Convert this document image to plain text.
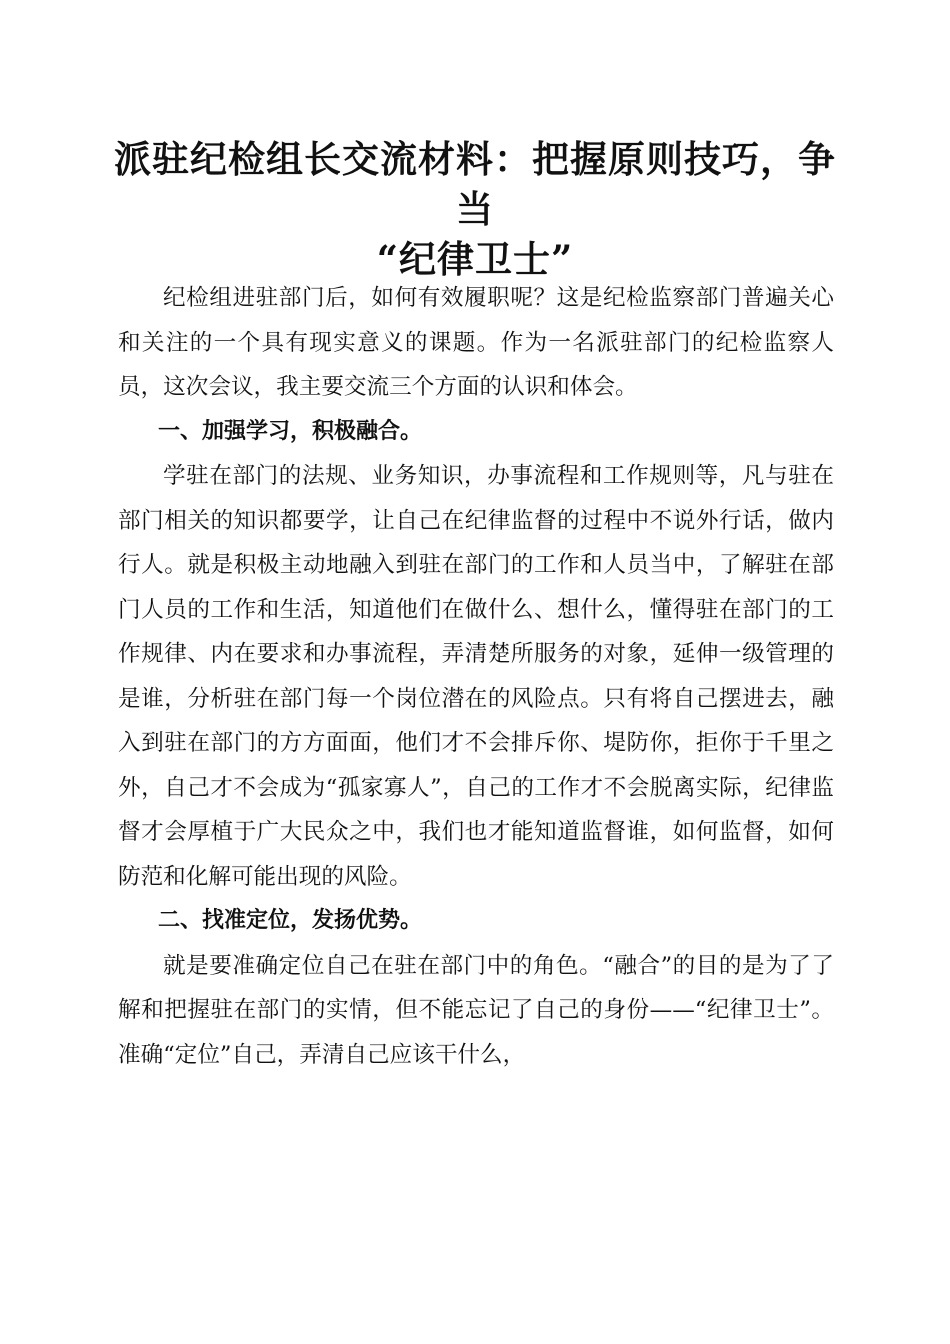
派驻纪检组长交流材料：把握原则技巧，争当
“纪律卫士”

纪检组进驻部门后，如何有效履职呢？这是纪检监察部门普遍关心和关注的一个具有现实意义的课题。作为一名派驻部门的纪检监察人员，这次会议，我主要交流三个方面的认识和体会。

一、加强学习，积极融合。

学驻在部门的法规、业务知识，办事流程和工作规则等，凡与驻在部门相关的知识都要学，让自己在纪律监督的过程中不说外行话，做内行人。就是积极主动地融入到驻在部门的工作和人员当中，了解驻在部门人员的工作和生活，知道他们在做什么、想什么，懂得驻在部门的工作规律、内在要求和办事流程，弄清楚所服务的对象，延伸一级管理的是谁，分析驻在部门每一个岗位潜在的风险点。只有将自己摆进去，融入到驻在部门的方方面面，他们才不会排斥你、堤防你，拒你于千里之外，自己才不会成为“孤家寡人”，自己的工作才不会脱离实际，纪律监督才会厚植于广大民众之中，我们也才能知道监督谁，如何监督，如何防范和化解可能出现的风险。

二、找准定位，发扬优势。

就是要准确定位自己在驻在部门中的角色。“融合”的目的是为了了解和把握驻在部门的实情，但不能忘记了自己的身份——“纪律卫士”。准确“定位”自己，弄清自己应该干什么，
